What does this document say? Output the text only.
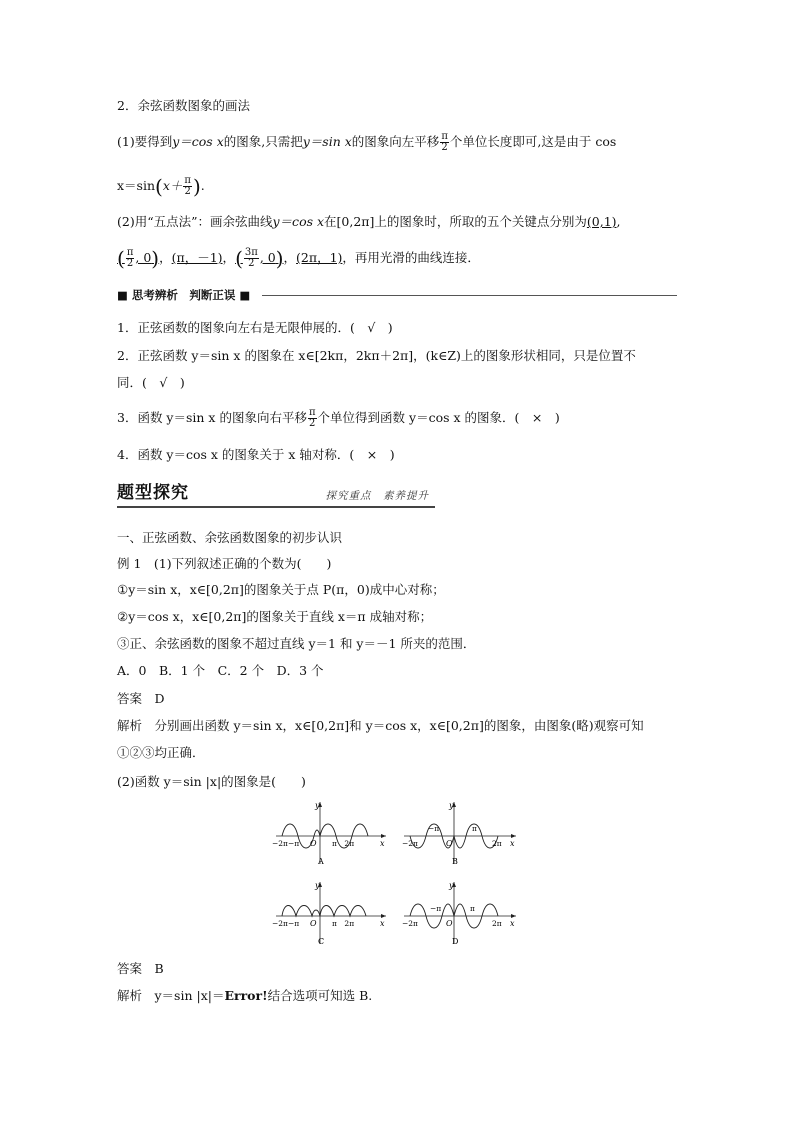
2．余弦函数图象的画法
(1)要得到y＝cos x的图象,只需把y＝sin x的图象向左平移 $\frac{\pi}{2}$ 个单位长度即可,这是由于 cos
$x=\sin(x+ \frac{\pi}{2}$ ).
(2)用“五点法”：画余弦曲线y＝cos x在[0,2π]上的图象时，所取的五个关键点分别为(0,1),
( $\frac{\pi}{2}$ , 0)，(π，－1)，( $\frac{3\pi}{2}$ , 0)，(2π，1)，再用光滑的曲线连接．
■ 思考辨析　判断正误 ■
1．正弦函数的图象向左右是无限伸展的．(　√　)
2．正弦函数 y＝sin x 的图象在 x∈[2kπ，2kπ＋2π]，(k∈Z)上的图象形状相同，只是位置不
同．(　√　)
3．函数 y＝sin x 的图象向右平移 $\frac{\pi}{2}$ 个单位得到函数 y＝cos x 的图象．(　×　)
4．函数 y＝cos x 的图象关于 x 轴对称．(　×　)
题型探究	探究重点　素养提升
一、正弦函数、余弦函数图象的初步认识
例 1　(1)下列叙述正确的个数为(　　)
①y＝sin x，x∈[0,2π]的图象关于点 P(π，0)成中心对称；
②y＝cos x，x∈[0,2π]的图象关于直线 x＝π 成轴对称；
③正、余弦函数的图象不超过直线 y＝1 和 y＝－1 所夹的范围．
A．0　B．1 个　C．2 个　D．3 个
答案　D
解析　分别画出函数 y＝sin x，x∈[0,2π]和 y＝cos x，x∈[0,2π]的图象，由图象(略)观察可知
①②③均正确．
(2)函数 y＝sin |x|的图象是(　　)
y
x
O
−2π−π	π　2π
A
y
x
O
−2π
−π	π
2π
B
y
x
O
−2π−π	π　2π
C
y
x
O
−2π
−π	π
2π
D
答案　B
解析　y＝sin |x|＝Error!结合选项可知选 B.
